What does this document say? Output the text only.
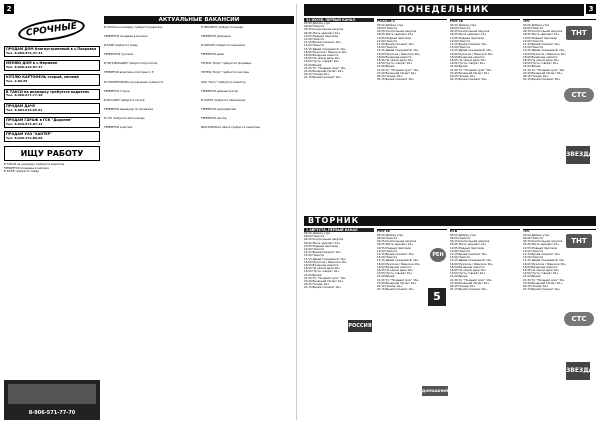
2
СРОЧНЫЕ
ПРОДАМ ДОМ благоустроенный в с.Покровка
Тел. 8-909-872-37-31
МЕНЯЮ ДОМ в с.Фермине
Тел. 8-960-919-87-37
КУПЛЮ КАРТОФЕЛЬ старый, мелкий
Тел. 2-89-65
В ТАКСИ на иномарку требуется водитель
Тел. 8-960-677-77-28
ПРОДАМ ДАЧУ
Тел. 8-904-615-65-61
ПРОДАМ ГАРАЖ в ГСК "Доронев"
Тел. 8-919-074-87-44
ПРОДАМ УАЗ "ХАНТЕР"
Тел. 8-920-372-88-68
ИЩУ РАБОТУ
В ТАКСИ на иномарку требуется водитель
ТРЕБУЕТСЯ продавец в магазин
В КАФЕ требуется повар
8-906-571-77-70
АКТУАЛЬНЫЕ ВАКАНСИИ
В ТАКСИ на иномарку требуется водитель
ТРЕБУЕТСЯ продавец в магазин
В КАФЕ требуется повар
ТРЕБУЮТСЯ грузчики
В ОРГАНИЗАЦИЮ требуется бухгалтер
ТРЕБУЕТСЯ водитель категории С, Е
В СТРОИТЕЛЬНУЮ организацию требуются
ТРЕБУЕТСЯ сторож
В МАГАЗИН требуется кассир
ТРЕБУЕТСЯ менеджер по продажам
В СТО требуется автослесарь
ТРЕБУЕТСЯ электрик
В ПЕКАРНЮ требуются пекари
ТРЕБУЕТСЯ уборщица
В ОХРАНУ требуются охранники
ТРЕБУЕТСЯ швея
ГРУППА "Кипр" требуются продавцы
ГРУППА "Кипр" требуются кассиры
ООО "Лето" требуется оператор
ТРЕБУЕТСЯ администратор
В САЛОН требуется парикмахер
ТРЕБУЕТСЯ разнорабочий
ТРЕБУЕТСЯ мастер
ДЛЯ РАБОТЫ в офисе требуется секретарь
3
ПОНЕДЕЛЬНИК
31 ИЮЛЯ, ПЕРВЫЙ КАНАЛ
05.00 Доброе утро
09.00 Новости
09.15 Контрольная закупка
09.45 Жить здорово! 12+
10.55 Модный приговор
12.00 Новости
12.15 Время покажет 16+
15.00 Новости
15.15 Давай поженимся! 16+
16.00 Мужское / Женское 16+
18.00 Вечерние новости
18.45 На самом деле 16+
19.50 Пусть говорят 16+
21.00 Время
21.30 Т/с "Поздний срок" 16+
23.40 Вечерний Ургант 16+
00.15 Познер 16+
01.15 Время покажет 16+
РОССИЯ-1
05.00 Доброе утро
09.00 Новости
09.15 Контрольная закупка
09.45 Жить здорово! 12+
10.55 Модный приговор
12.00 Новости
12.15 Время покажет 16+
15.00 Новости
15.15 Давай поженимся! 16+
16.00 Мужское / Женское 16+
18.00 Вечерние новости
18.45 На самом деле 16+
19.50 Пусть говорят 16+
21.00 Время
21.30 Т/с "Поздний срок" 16+
23.40 Вечерний Ургант 16+
00.15 Познер 16+
01.15 Время покажет 16+
РЕН-ТВ
05.00 Доброе утро
09.00 Новости
09.15 Контрольная закупка
09.45 Жить здорово! 12+
10.55 Модный приговор
12.00 Новости
12.15 Время покажет 16+
15.00 Новости
15.15 Давай поженимся! 16+
16.00 Мужское / Женское 16+
18.00 Вечерние новости
18.45 На самом деле 16+
19.50 Пусть говорят 16+
21.00 Время
21.30 Т/с "Поздний срок" 16+
23.40 Вечерний Ургант 16+
00.15 Познер 16+
01.15 Время покажет 16+
ТНТ
05.00 Доброе утро
09.00 Новости
09.15 Контрольная закупка
09.45 Жить здорово! 12+
10.55 Модный приговор
12.00 Новости
12.15 Время покажет 16+
15.00 Новости
15.15 Давай поженимся! 16+
16.00 Мужское / Женское 16+
18.00 Вечерние новости
18.45 На самом деле 16+
19.50 Пусть говорят 16+
21.00 Время
21.30 Т/с "Поздний срок" 16+
23.40 Вечерний Ургант 16+
00.15 Познер 16+
01.15 Время покажет 16+
ТНТ
СТС
ЗВЕЗДА
ВТОРНИК
1 АВГУСТА, ПЕРВЫЙ КАНАЛ
05.00 Доброе утро
09.00 Новости
09.15 Контрольная закупка
09.45 Жить здорово! 12+
10.55 Модный приговор
12.00 Новости
12.15 Время покажет 16+
15.00 Новости
15.15 Давай поженимся! 16+
16.00 Мужское / Женское 16+
18.00 Вечерние новости
18.45 На самом деле 16+
19.50 Пусть говорят 16+
21.00 Время
21.30 Т/с "Поздний срок" 16+
23.40 Вечерний Ургант 16+
00.15 Познер 16+
01.15 Время покажет 16+
РЕН-ТВ
05.00 Доброе утро
09.00 Новости
09.15 Контрольная закупка
09.45 Жить здорово! 12+
10.55 Модный приговор
12.00 Новости
12.15 Время покажет 16+
15.00 Новости
15.15 Давай поженимся! 16+
16.00 Мужское / Женское 16+
18.00 Вечерние новости
18.45 На самом деле 16+
19.50 Пусть говорят 16+
21.00 Время
21.30 Т/с "Поздний срок" 16+
23.40 Вечерний Ургант 16+
00.15 Познер 16+
01.15 Время покажет 16+
НТВ
05.00 Доброе утро
09.00 Новости
09.15 Контрольная закупка
09.45 Жить здорово! 12+
10.55 Модный приговор
12.00 Новости
12.15 Время покажет 16+
15.00 Новости
15.15 Давай поженимся! 16+
16.00 Мужское / Женское 16+
18.00 Вечерние новости
18.45 На самом деле 16+
19.50 Пусть говорят 16+
21.00 Время
21.30 Т/с "Поздний срок" 16+
23.40 Вечерний Ургант 16+
00.15 Познер 16+
01.15 Время покажет 16+
ТНТ
05.00 Доброе утро
09.00 Новости
09.15 Контрольная закупка
09.45 Жить здорово! 12+
10.55 Модный приговор
12.00 Новости
12.15 Время покажет 16+
15.00 Новости
15.15 Давай поженимся! 16+
16.00 Мужское / Женское 16+
18.00 Вечерние новости
18.45 На самом деле 16+
19.50 Пусть говорят 16+
21.00 Время
21.30 Т/с "Поздний срок" 16+
23.40 Вечерний Ургант 16+
00.15 Познер 16+
01.15 Время покажет 16+
РОССИЯ 1
5
РЕН
ДОМАШНИЙ
ТНТ
СТС
ЗВЕЗДА
